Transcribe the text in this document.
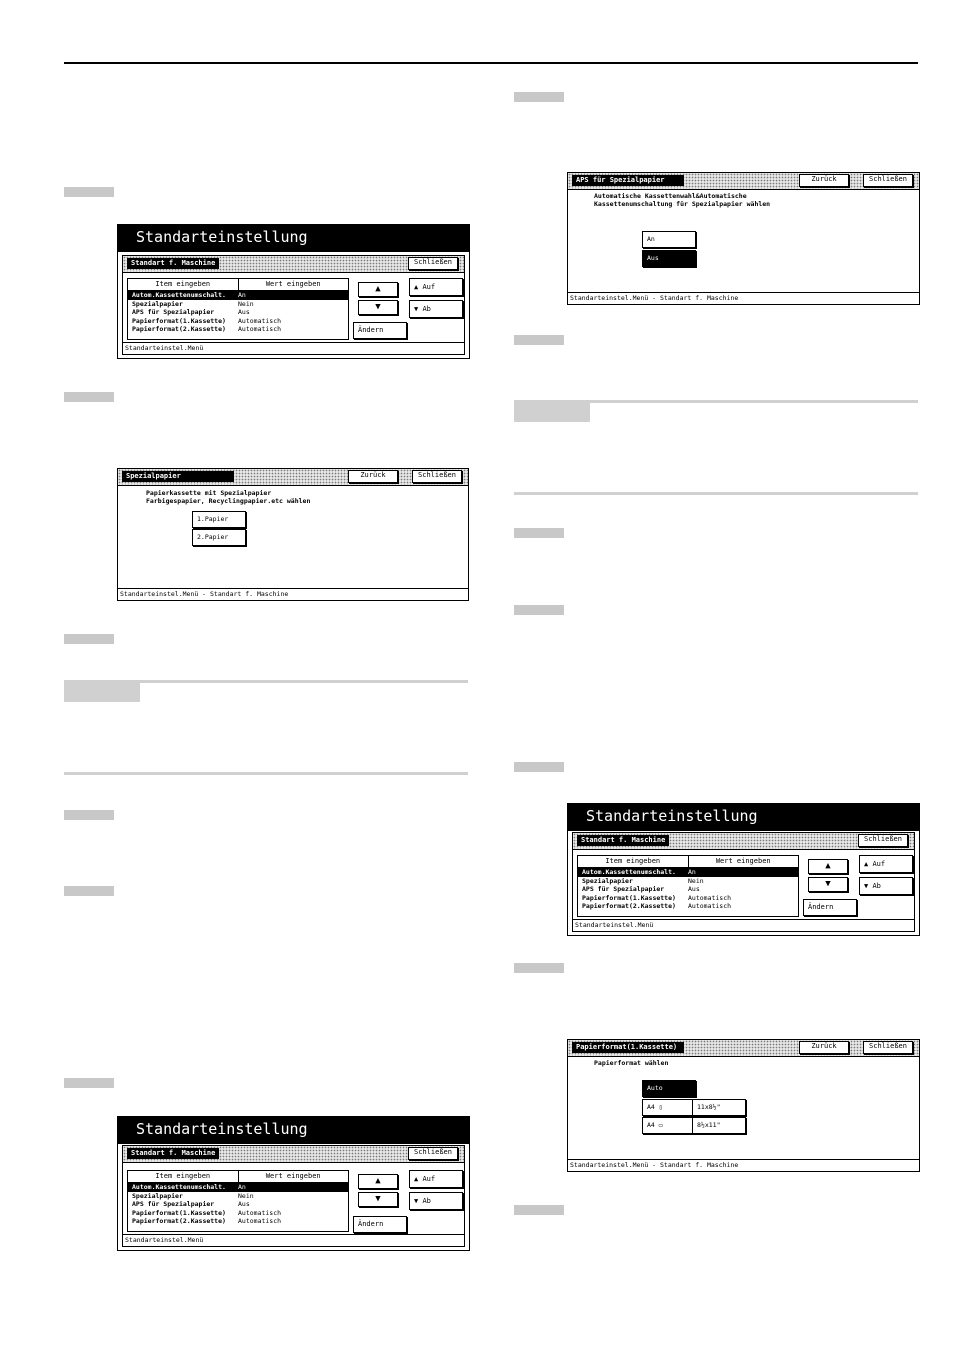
Standarteinstellung
Standart f. Maschine	Schließen
Item eingeben	Wert eingeben
Autom.Kassettenumschalt.	An
Spezialpapier	Nein
APS für Spezialpapier	Aus
Papierformat(1.Kassette)	Automatisch
Papierformat(2.Kassette)	Automatisch
▲
▼
▲ Auf
▼ Ab
Ändern
Standarteinstel.Menü
Spezialpapier	Zurück	Schließen
Papierkassette mit Spezialpapier
Farbigespapier, Recyclingpapier.etc wählen
1.Papier
2.Papier
Standarteinstel.Menü - Standart f. Maschine
Standarteinstellung
Standart f. Maschine	Schließen
Item eingeben	Wert eingeben
Autom.Kassettenumschalt.	An
Spezialpapier	Nein
APS für Spezialpapier	Aus
Papierformat(1.Kassette)	Automatisch
Papierformat(2.Kassette)	Automatisch
▲
▼
▲ Auf
▼ Ab
Ändern
Standarteinstel.Menü
Standarteinstellung
Standart f. Maschine	Schließen
Item eingeben	Wert eingeben
Autom.Kassettenumschalt.	An
Spezialpapier	Nein
APS für Spezialpapier	Aus
Papierformat(1.Kassette)	Automatisch
Papierformat(2.Kassette)	Automatisch
▲
▼
▲ Auf
▼ Ab
Ändern
Standarteinstel.Menü
APS für Spezialpapier	Zurück	Schließen
Automatische Kassettenwahl&Automatische
Kassettenumschaltung für Spezialpapier wählen
An
Aus
Standarteinstel.Menü - Standart f. Maschine
Papierformat(1.Kassette)	Zurück	Schließen
Papierformat wählen
Auto
A4 ▯	11x8½"
A4 ▭	8½x11"
Standarteinstel.Menü - Standart f. Maschine
